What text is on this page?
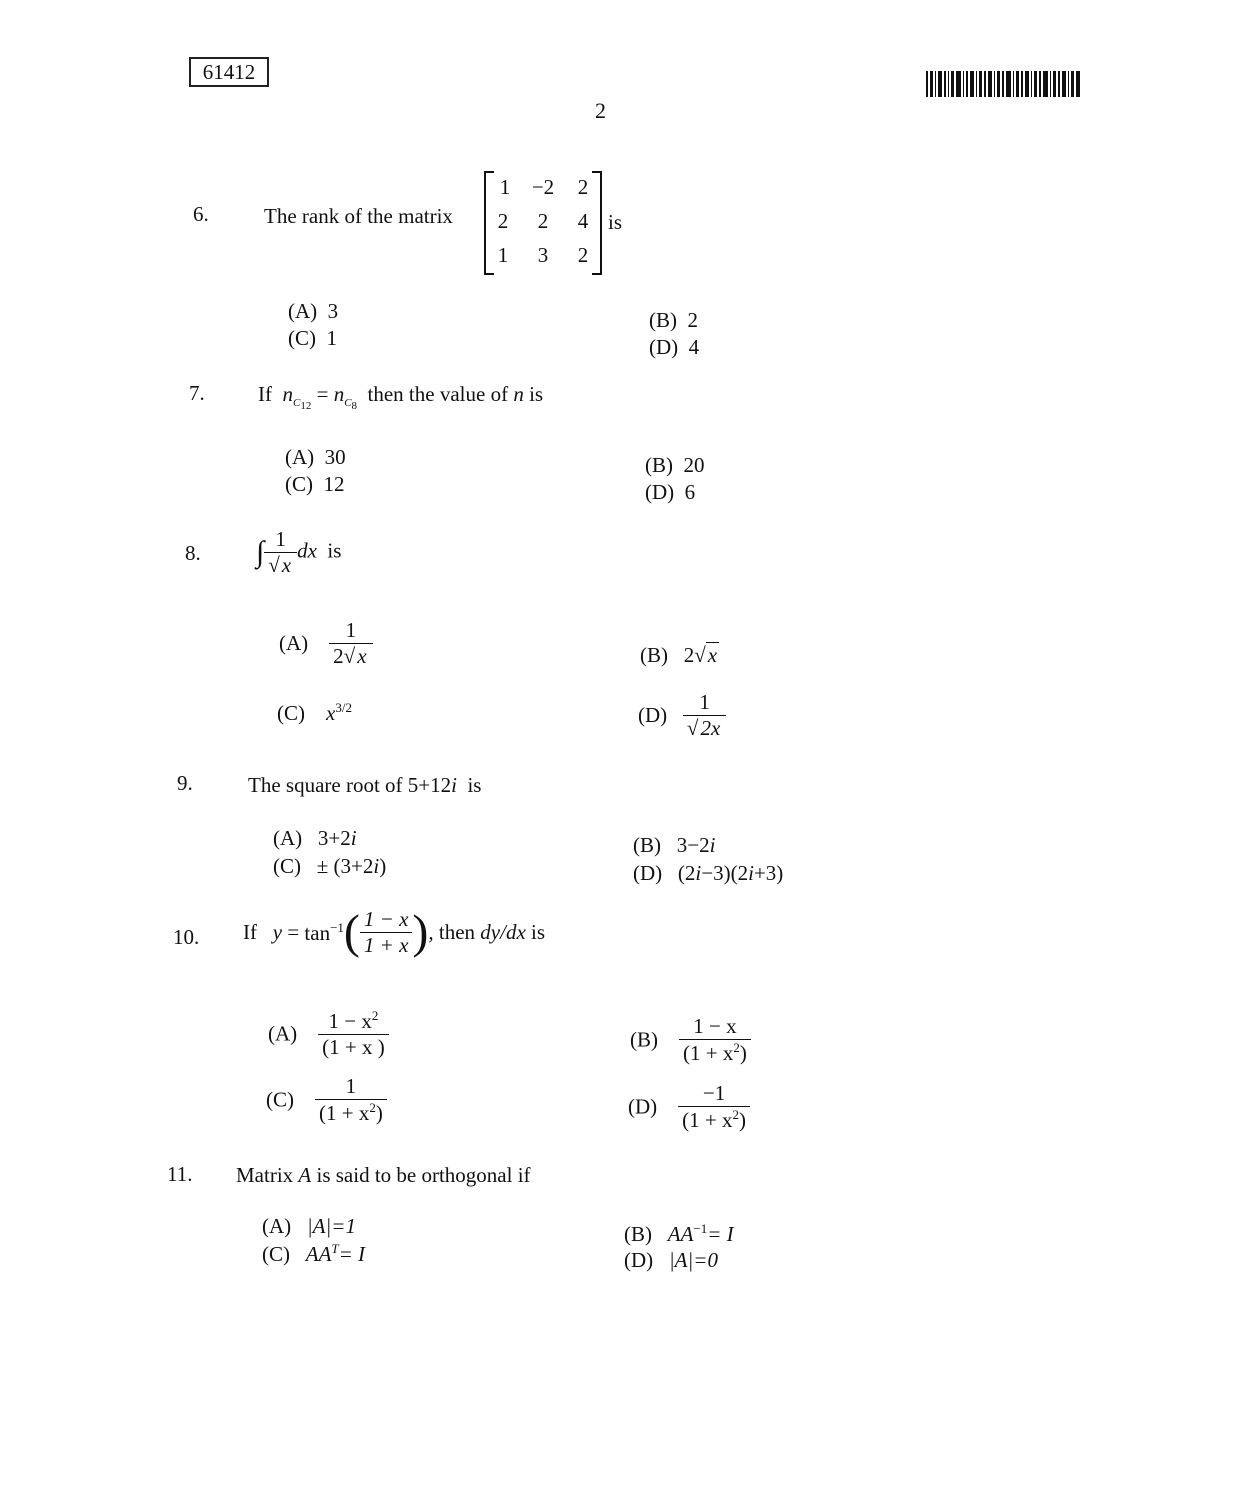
61412
2
6.	The rank of the matrix
1	−2	2
2	2	4
1	3	2
is
(A) 3
(C) 1
(B) 2
(D) 4
7.	If $n_{C_{12}} = n_{C_8}$  then the value of n is
(A) 30
(C) 12
(B) 20
(D) 6
8. ∫ $\frac{1}{√x}$ dx is
$(A) \frac{1}{2√x}$	(B) 2√x
(C) $x^{3/2}$	$(D) \frac{1}{√2x}$
9.	The square root of 5+12i is
(A) 3+2i
(C) ± (3+2i)
(B) 3−2i
(D) (2i−3)(2i+3)
10. If $y = \tan^{-1}( \frac{1 - x}{1 + x}$ ), then dy/dx is
$(A) \frac{1 - x^2}{(1 + x )}$	$(B) \frac{1 - x}{(1 + x^2)}$
$(C) \frac{1}{(1 + x^2)}$	$(D) \frac{-1}{(1 + x^2)}$
11. Matrix A is said to be orthogonal if
(A) |A|=1
(C) $AA^T= I$
(B) $AA^{-1}= I$
(D) |A|=0
